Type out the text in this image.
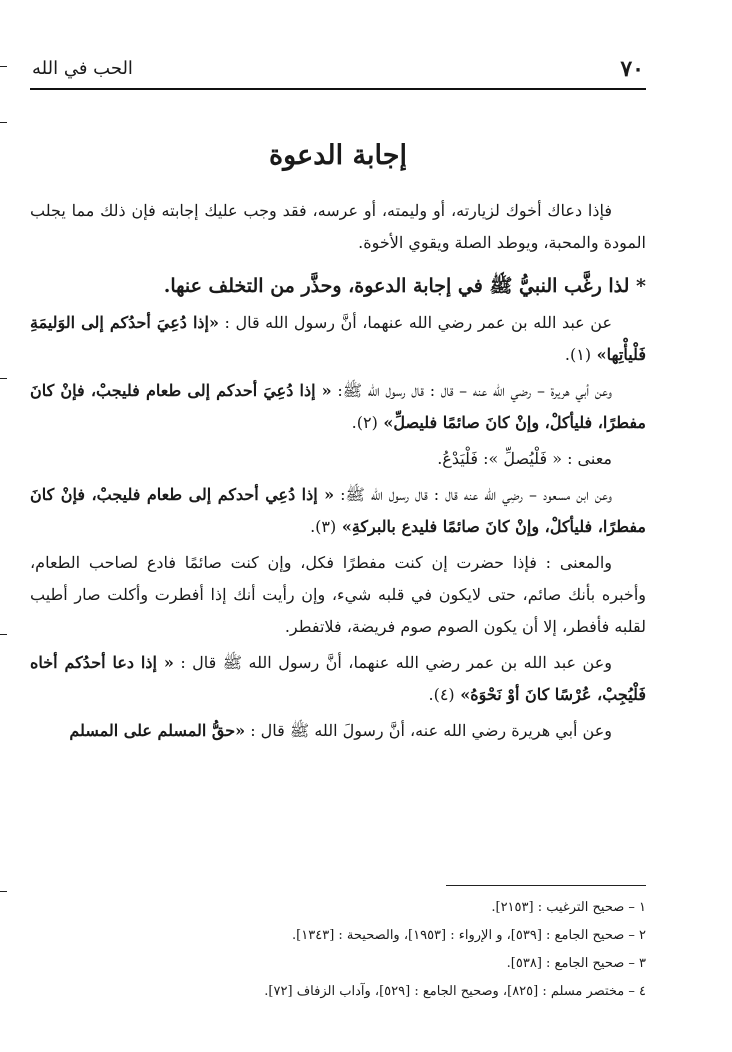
٧٠
الحب في الله
إجابة الدعوة

فإذا دعاك أخوك لزيارته، أو وليمته، أو عرسه، فقد وجب عليك إجابته فإن ذلك مما يجلب المودة والمحبة، ويوطد الصلة ويقوي الأخوة.

* لذا رغَّب النبيُّ ﷺ في إجابة الدعوة، وحذَّر من التخلف عنها.

عن عبد الله بن عمر رضي الله عنهما، أنَّ رسول الله قال : «إذا دُعِيَ أحدُكم إلى الوَليمَةِ فَلْيأْتِها» (١).

وعن أبي هريرة – رضي الله عنه – قال : قال رسول الله ﷺ: « إذا دُعِيَ أحدكم إلى طعام فليجبْ، فإنْ كانَ مفطرًا، فليأكلْ، وإنْ كانَ صائمًا فليصلِّ» (٢).

معنى : « فَلْيُصلِّ »: فَلْيَدْعُ.

وعن ابن مسعود – رضِي الله عنه قال : قال رسول الله ﷺ: « إذا دُعِي أحدكم إلى طعام فليجبْ، فإنْ كانَ مفطرًا، فليأكلْ، وإنْ كانَ صائمًا فليدع بالبركةِ» (٣).

والمعنى : فإذا حضرت إن كنت مفطرًا فكل، وإن كنت صائمًا فادع لصاحب الطعام، وأخبره بأنك صائم، حتى لايكون في قلبه شيء، وإن رأيت أنك إذا أفطرت وأكلت صار أطيب لقلبه فأفطر، إلا أن يكون الصوم صوم فريضة، فلاتفطر.

وعن عبد الله بن عمر رضي الله عنهما، أنَّ رسول الله ﷺ قال : « إذا دعا أحدُكم أخاه فَلْيُجِبْ، عُرْسًا كانَ أوْ نَحْوَهُ» (٤).

وعن أبي هريرة رضي الله عنه، أنَّ رسولَ الله ﷺ قال : «حقُّ المسلم على المسلم

١ – صحيح الترغيب : [٢١٥٣].

٢ – صحيح الجامع : [٥٣٩]، و الإرواء : [١٩٥٣]، والصحيحة : [١٣٤٣].

٣ – صحيح الجامع : [٥٣٨].

٤ – مختصر مسلم : [٨٢٥]، وصحيح الجامع : [٥٢٩]، وآداب الزفاف [٧٢].
